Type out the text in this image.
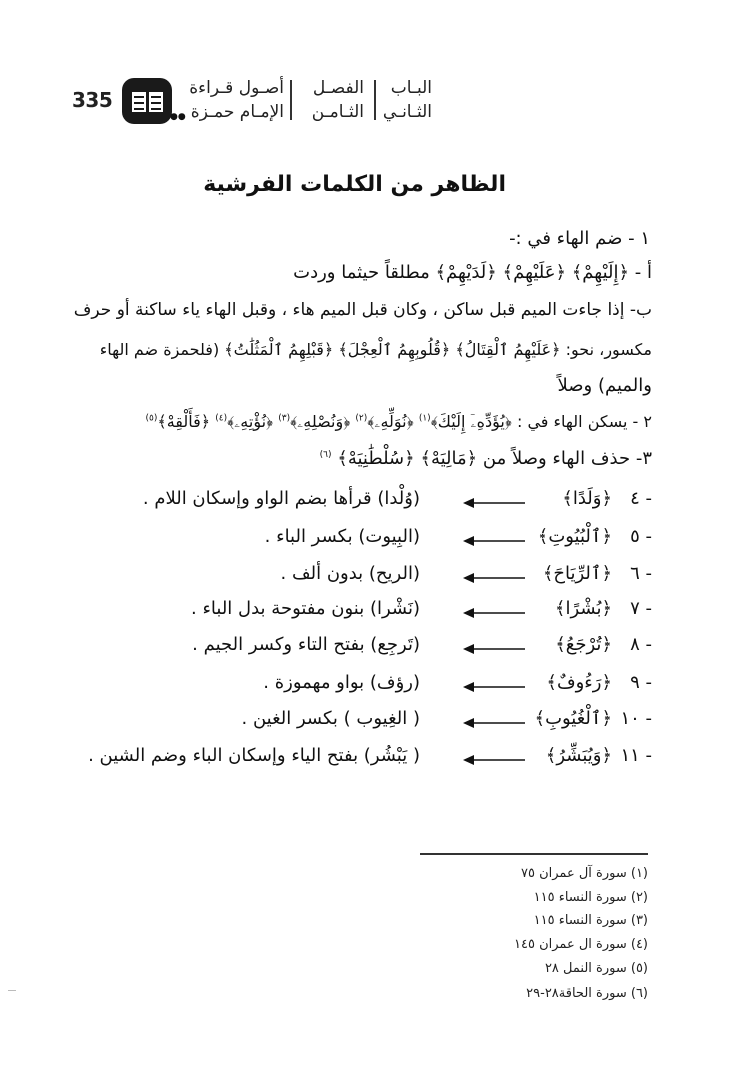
335
●●
أصـول قـراءة
الإمـام حمـزة
الفصـل
الثـامـن
البـاب
الثـانـي
الظاهر من الكلمات الفرشية
١ - ضم الهاء في :-
أ - ﴿إِلَيْهِمْ﴾ ﴿عَلَيْهِمْ﴾ ﴿لَدَيْهِمْ﴾ مطلقاً حيثما وردت
ب- إذا جاءت الميم قبل ساكن ، وكان قبل الميم هاء ، وقبل الهاء ياء ساكنة أو حرف
مكسور، نحو: ﴿عَلَيْهِمُ ٱلْقِتَالُ﴾ ﴿قُلُوبِهِمُ ٱلْعِجْلَ﴾ ﴿قَبْلِهِمُ ٱلْمَثُلَٰتُ﴾ (فلحمزة ضم الهاء
والميم) وصلاً
٢ - يسكن الهاء في : ﴿يُؤَدِّهِۦٓ إِلَيْكَ﴾$^{(١)}$ ﴿نُوَلِّهِۦ﴾$^{(٢)}$ ﴿وَنُصْلِهِۦ﴾$^{(٣)}$ ﴿نُؤْتِهِۦ﴾$^{(٤)}$ ﴿فَأَلْقِهْ﴾$^{(٥)}$
٣- حذف الهاء وصلاً من ﴿مَالِيَهْ﴾ ﴿سُلْطَٰنِيَهْ﴾ $^{(٦)}$
٤ -
﴿وَلَدًا﴾
(وُلْدا) قرأها بضم الواو وإسكان اللام .
٥ -
﴿ٱلْبُيُوتِ﴾
(البِيوت) بكسر الباء .
٦ -
﴿ٱلرِّيَاحَ﴾
(الريح) بدون ألف .
٧ -
﴿بُشْرًا﴾
(نَشْرا) بنون مفتوحة بدل الباء .
٨ -
﴿تُرْجَعُ﴾
(تَرجِع) بفتح التاء وكسر الجيم .
٩ -
﴿رَءُوفٌ﴾
(رؤف) بواو مهموزة .
١٠ -
﴿ٱلْغُيُوبِ﴾
( الغِيوب ) بكسر الغين .
١١ -
﴿وَيُبَشِّرُ﴾
( يَبْشُر) بفتح الياء وإسكان الباء وضم الشين .
(١) سورة آل عمران ٧٥
(٢) سورة النساء ١١٥
(٣) سورة النساء ١١٥
(٤) سورة ال عمران ١٤٥
(٥) سورة النمل ٢٨
(٦) سورة الحاقة٢٨-٢٩
